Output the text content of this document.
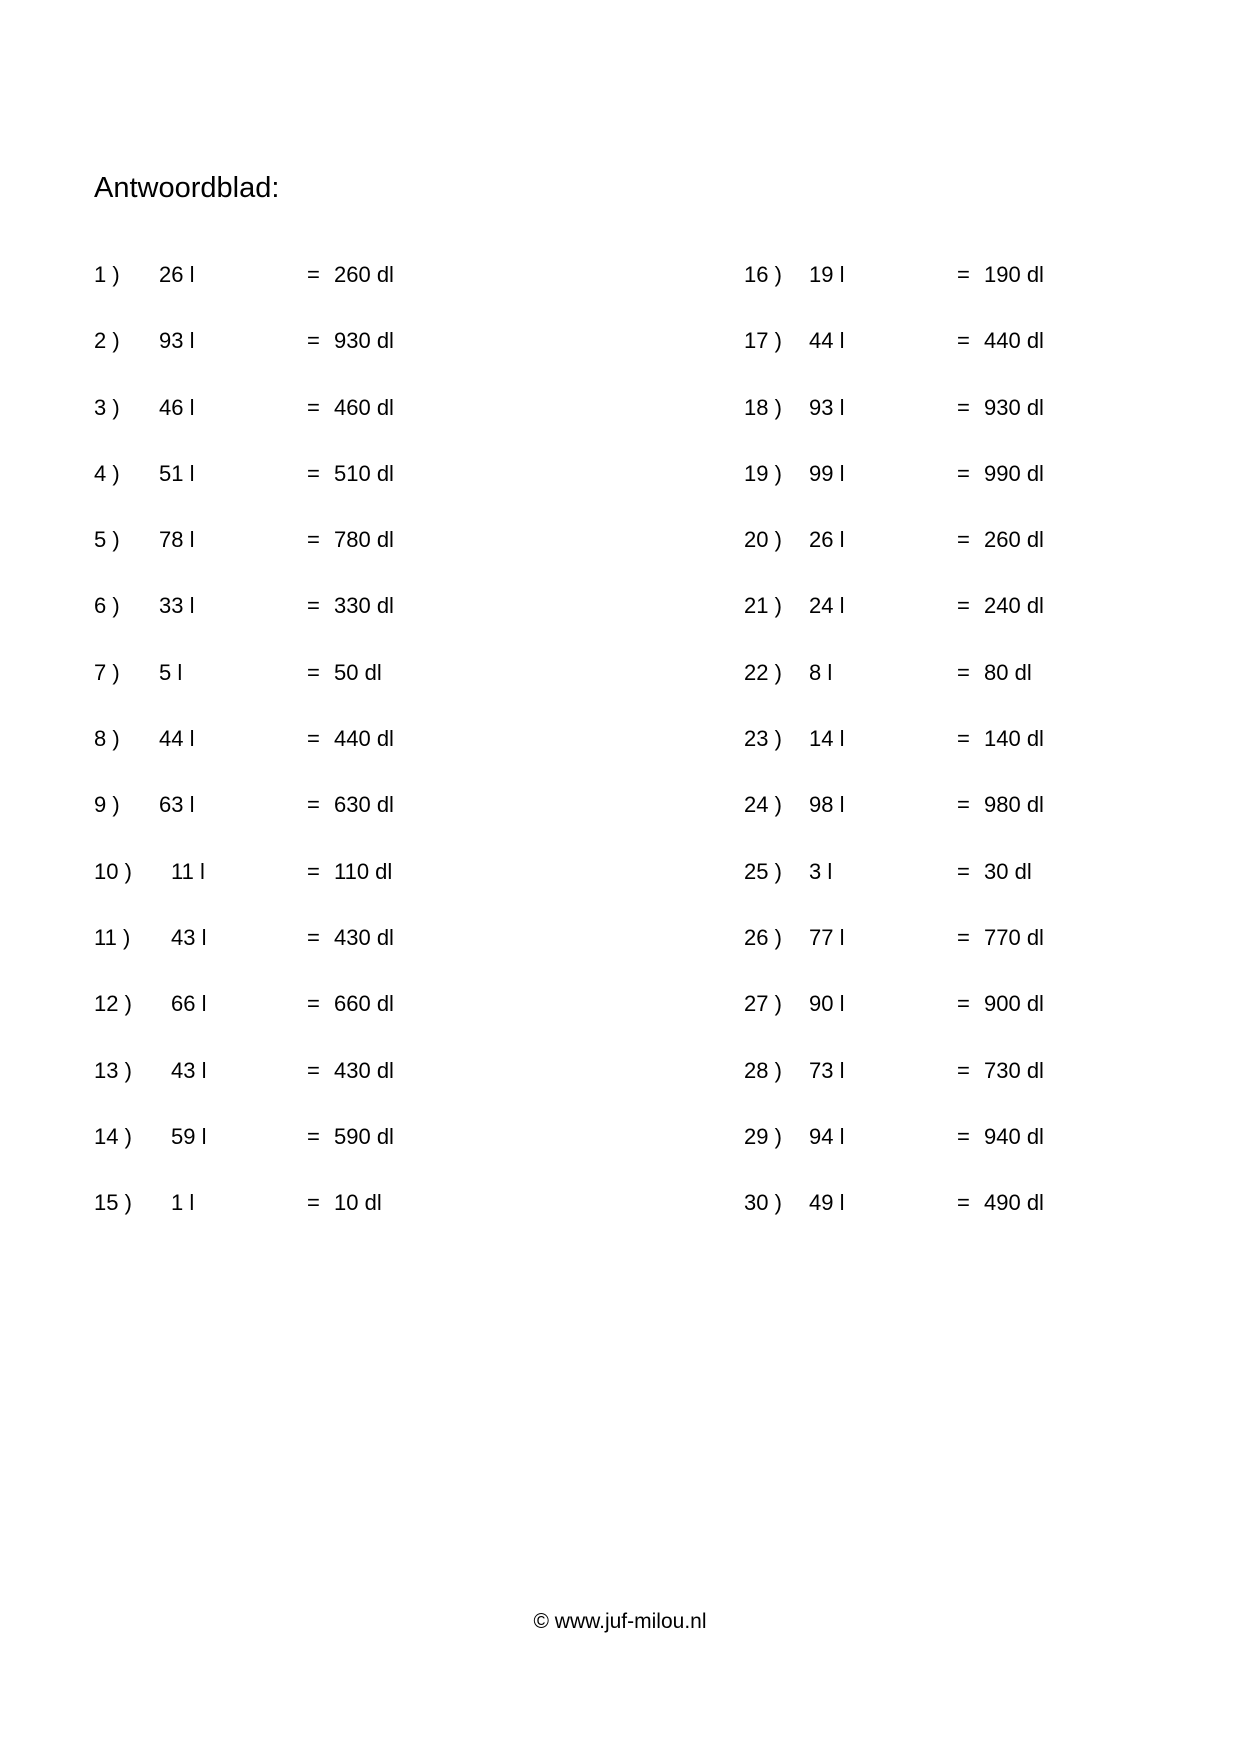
Antwoordblad:
1 ) 26 l	= 260 dl
2 ) 93 l	= 930 dl
3 ) 46 l	= 460 dl
4 ) 51 l	= 510 dl
5 ) 78 l	= 780 dl
6 ) 33 l	= 330 dl
7 ) 5 l	= 50 dl
8 ) 44 l	= 440 dl
9 ) 63 l	= 630 dl
10 ) 11 l	= 110 dl
11 ) 43 l	= 430 dl
12 ) 66 l	= 660 dl
13 ) 43 l	= 430 dl
14 ) 59 l	= 590 dl
15 ) 1 l	= 10 dl
16 ) 19 l	= 190 dl
17 ) 44 l	= 440 dl
18 ) 93 l	= 930 dl
19 ) 99 l	= 990 dl
20 ) 26 l	= 260 dl
21 ) 24 l	= 240 dl
22 ) 8 l	= 80 dl
23 ) 14 l	= 140 dl
24 ) 98 l	= 980 dl
25 ) 3 l	= 30 dl
26 ) 77 l	= 770 dl
27 ) 90 l	= 900 dl
28 ) 73 l	= 730 dl
29 ) 94 l	= 940 dl
30 ) 49 l	= 490 dl
© www.juf-milou.nl
